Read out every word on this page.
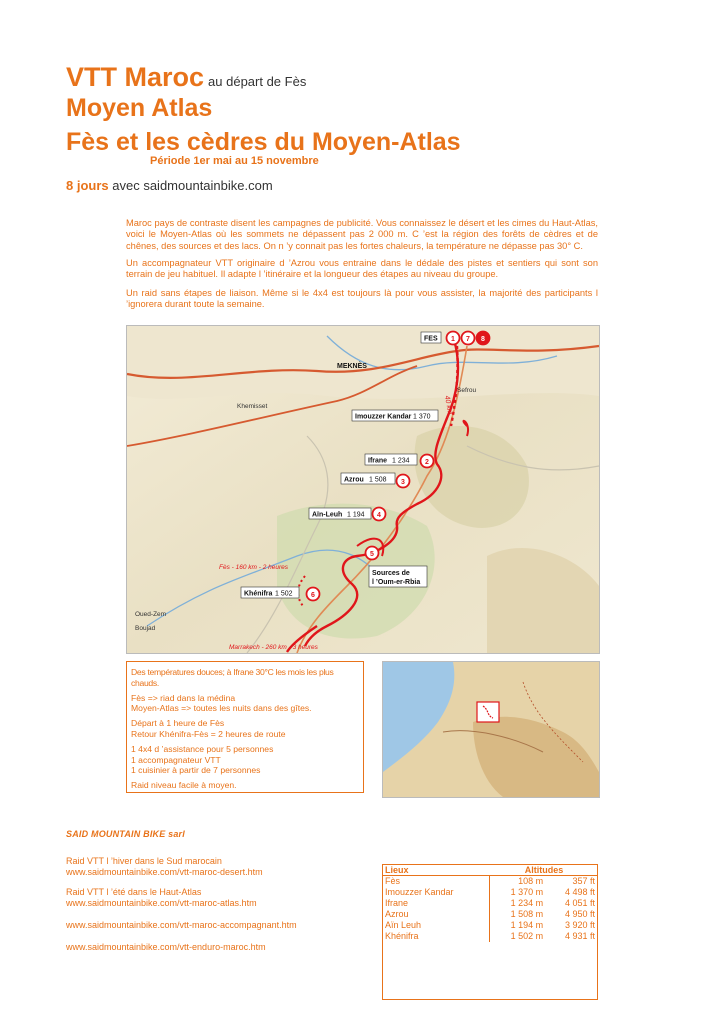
VTT Maroc au départ de Fès
Moyen Atlas
Fès et les cèdres du Moyen-Atlas
Période 1er mai au 15 novembre
8 jours avec saidmountainbike.com
Maroc pays de contraste disent les campagnes de publicité. Vous connaissez le désert et les cimes du Haut-Atlas, voici le Moyen-Atlas où les sommets ne dépassent pas 2 000 m. C ’est la région des forêts de cèdres et de chênes, des sources et des lacs. On n ’y connait pas les fortes chaleurs, la température ne dépasse pas 30° C.
Un accompagnateur VTT originaire d ’Azrou vous entraine dans le dédale des pistes et sentiers qui sont son terrain de jeu habituel. Il adapte l ’itinéraire et la longueur des étapes au niveau du groupe.
Un raid sans étapes de liaison. Même si le 4x4 est toujours là pour vous assister, la majorité des participants l ’ignorera durant toute la semaine.
MEKNÈS
Sefrou
Khemisset
Oued-Zem
Boujad
40 km
FES
Imouzzer Kandar 1 370
Ifrane 1 234
Azrou 1 508
Aïn-Leuh 1 194
Sources de
l ’Oum-er-Rbia
Khénifra 1 502
Fès - 160 km - 2 heures
Marrakech - 260 km - 3 heures
1 7 8
2
3
4
5
6

Des températures douces; à Ifrane 30°C les mois les plus chauds.

Fès => riad dans la médina

Moyen-Atlas => toutes les nuits dans des gîtes.

Départ à 1 heure de Fès

Retour Khénifra-Fès = 2 heures de route

1 4x4 d ’assistance pour 5 personnes
1 accompagnateur VTT

1 cuisinier à partir de 7 personnes

Raid niveau facile à moyen.
SAID MOUNTAIN BIKE sarl
Raid VTT l ’hiver dans le Sud marocain
www.saidmountainbike.com/vtt-maroc-desert.htm
Raid VTT l ’été dans le Haut-Atlas
www.saidmountainbike.com/vtt-maroc-atlas.htm
www.saidmountainbike.com/vtt-maroc-accompagnant.htm
www.saidmountainbike.com/vtt-enduro-maroc.htm
Lieux	Altitudes	
Fès	108 m	357 ft
Imouzzer Kandar	1 370 m	4 498 ft
Ifrane	1 234 m	4 051 ft
Azrou	1 508 m	4 950 ft
Aïn Leuh	1 194 m	3 920 ft
Khénifra	1 502 m	4 931 ft
